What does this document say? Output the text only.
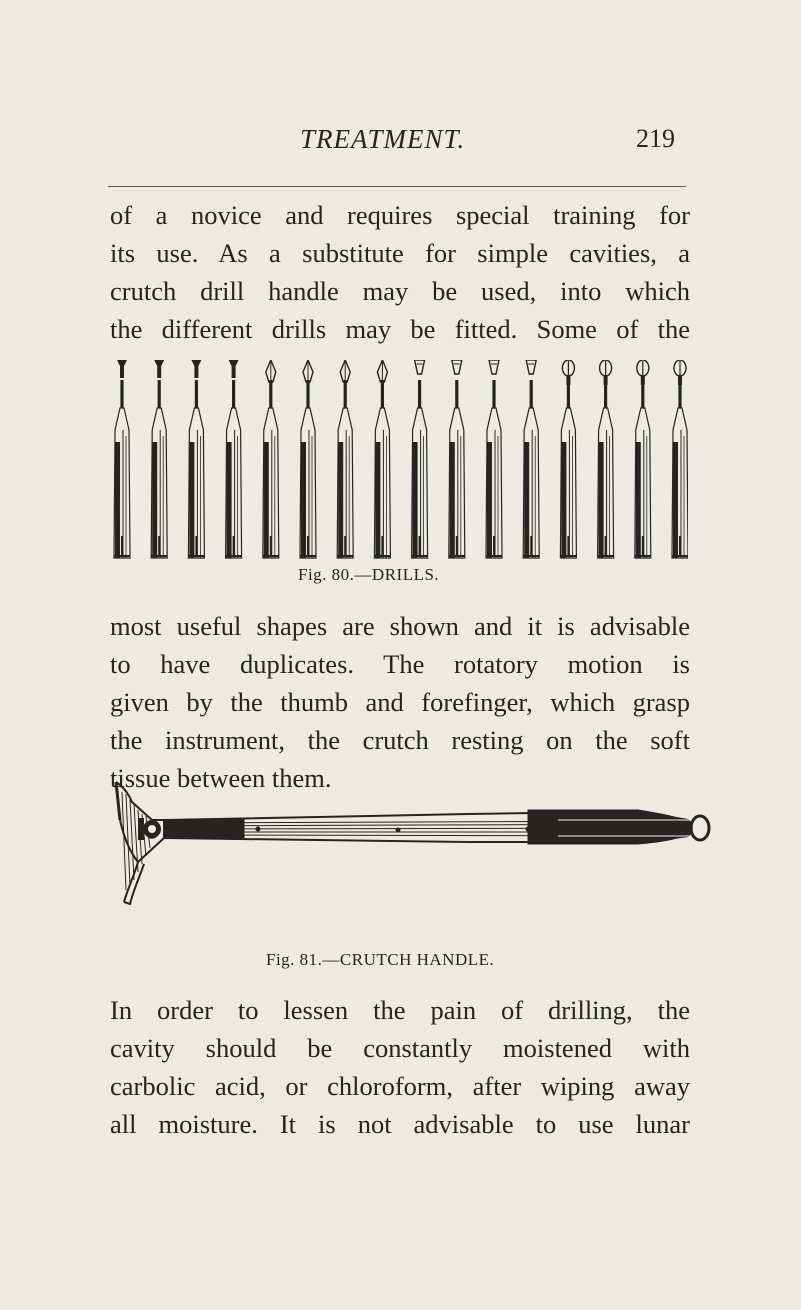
TREATMENT.	219

of a novice and requires special training for
its use. As a substitute for simple cavities, a
crutch drill handle may be used, into which
the different drills may be fitted. Some of the

Fig. 80.—DRILLS.

most useful shapes are shown and it is advisable
to have duplicates. The rotatory motion is
given by the thumb and forefinger, which grasp
the instrument, the crutch resting on the soft
tissue between them.

Fig. 81.—CRUTCH HANDLE.

In order to lessen the pain of drilling, the
cavity should be constantly moistened with
carbolic acid, or chloroform, after wiping away
all moisture. It is not advisable to use lunar
